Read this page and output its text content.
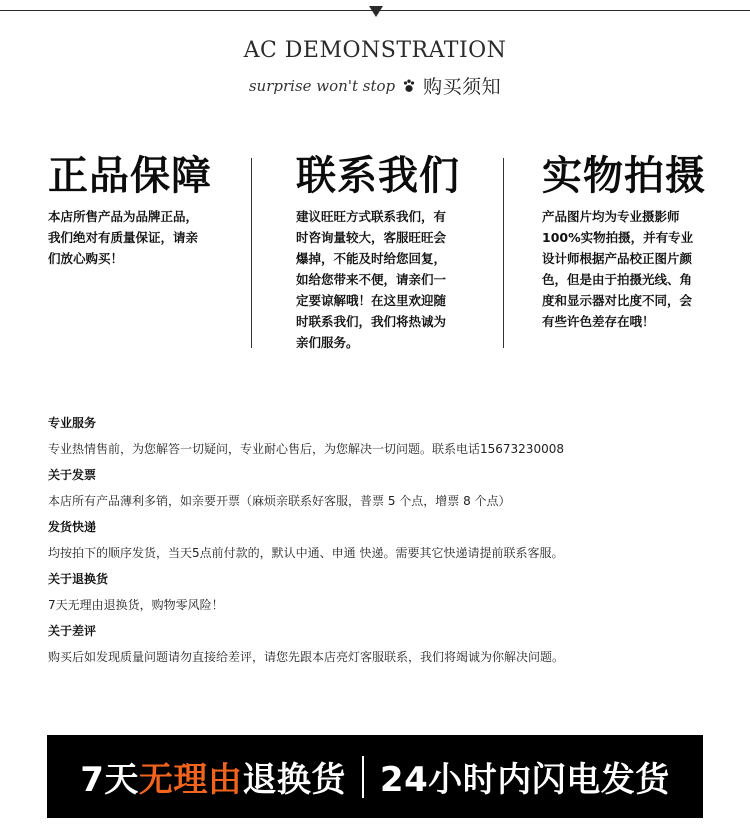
AC DEMONSTRATION
surprise won't stop 购买须知
正品保障
本店所售产品为品牌正品，
我们绝对有质量保证，请亲
们放心购买！
联系我们
建议旺旺方式联系我们，有
时咨询量较大，客服旺旺会
爆掉，不能及时给您回复，
如给您带来不便，请亲们一
定要谅解哦！在这里欢迎随
时联系我们，我们将热诚为
亲们服务。
实物拍摄
产品图片均为专业摄影师
100%实物拍摄，并有专业
设计师根据产品校正图片颜
色，但是由于拍摄光线、角
度和显示器对比度不同，会
有些许色差存在哦！
专业服务
专业热情售前，为您解答一切疑问，专业耐心售后，为您解决一切问题。联系电话15673230008
关于发票
本店所有产品薄利多销，如亲要开票（麻烦亲联系好客服，普票 5 个点，增票 8 个点）
发货快递
均按拍下的顺序发货，当天5点前付款的，默认中通、申通 快递。需要其它快递请提前联系客服。
关于退换货
7天无理由退换货，购物零风险！
关于差评
购买后如发现质量问题请勿直接给差评，请您先跟本店亮灯客服联系，我们将竭诚为你解决问题。
7天 无理由 退换货 24小时内闪电发货
